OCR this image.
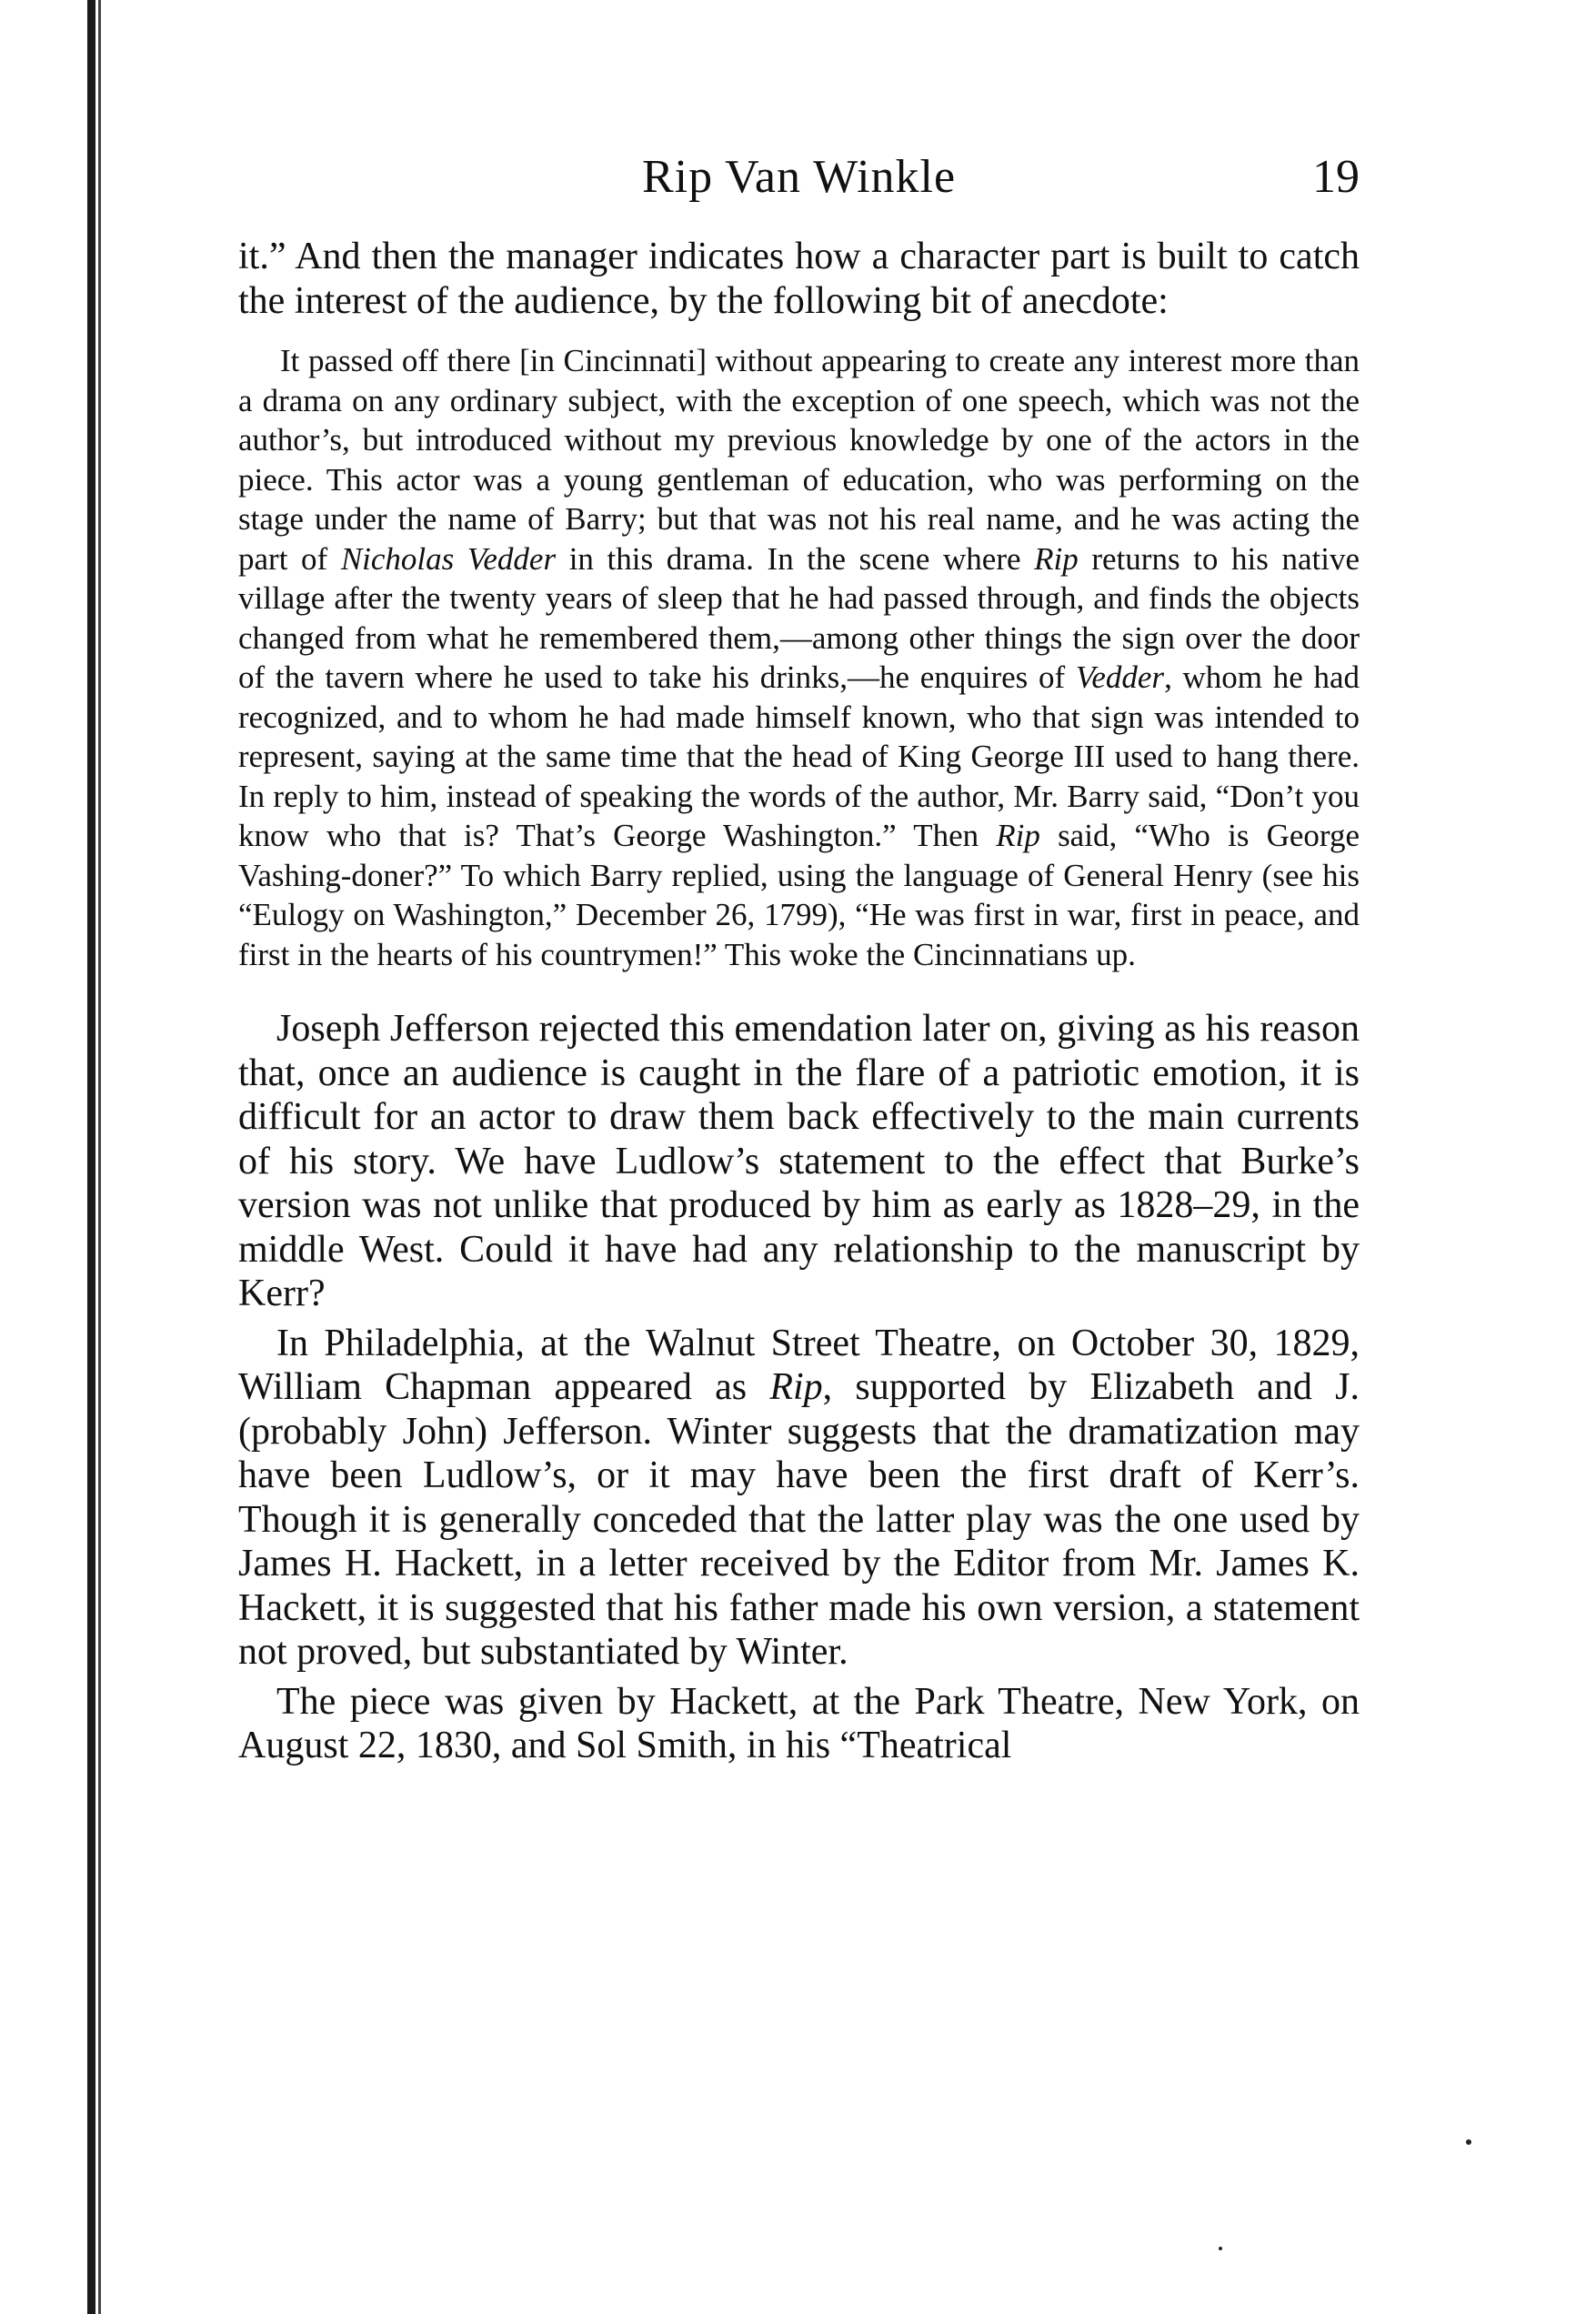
Rip Van Winkle	19

it.” And then the manager indicates how a character part is built to catch the interest of the audience, by the following bit of anecdote:

It passed off there [in Cincinnati] without appearing to create any interest more than a drama on any ordinary subject, with the exception of one speech, which was not the author’s, but introduced without my previous knowledge by one of the actors in the piece. This actor was a young gentleman of education, who was performing on the stage under the name of Barry; but that was not his real name, and he was acting the part of Nicholas Vedder in this drama. In the scene where Rip returns to his native village after the twenty years of sleep that he had passed through, and finds the objects changed from what he remembered them,—among other things the sign over the door of the tavern where he used to take his drinks,—he enquires of Vedder, whom he had recognized, and to whom he had made himself known, who that sign was intended to represent, saying at the same time that the head of King George III used to hang there. In reply to him, instead of speaking the words of the author, Mr. Barry said, “Don’t you know who that is? That’s George Washington.” Then Rip said, “Who is George Vashing-doner?” To which Barry replied, using the language of General Henry (see his “Eulogy on Washington,” December 26, 1799), “He was first in war, first in peace, and first in the hearts of his countrymen!” This woke the Cincinnatians up.

Joseph Jefferson rejected this emendation later on, giving as his reason that, once an audience is caught in the flare of a patriotic emotion, it is difficult for an actor to draw them back effectively to the main currents of his story. We have Ludlow’s statement to the effect that Burke’s version was not unlike that produced by him as early as 1828–29, in the middle West. Could it have had any relationship to the manuscript by Kerr?

In Philadelphia, at the Walnut Street Theatre, on October 30, 1829, William Chapman appeared as Rip, supported by Elizabeth and J. (probably John) Jefferson. Winter suggests that the dramatization may have been Ludlow’s, or it may have been the first draft of Kerr’s. Though it is generally conceded that the latter play was the one used by James H. Hackett, in a letter received by the Editor from Mr. James K. Hackett, it is suggested that his father made his own version, a statement not proved, but substantiated by Winter.

The piece was given by Hackett, at the Park Theatre, New York, on August 22, 1830, and Sol Smith, in his “Theatrical
